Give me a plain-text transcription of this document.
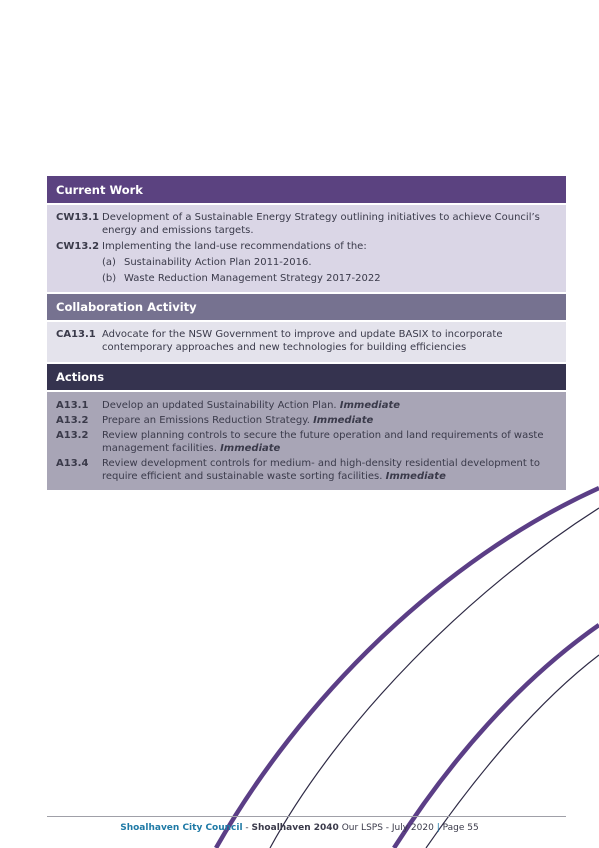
Current Work
CW13.1 Development of a Sustainable Energy Strategy outlining initiatives to achieve Council’s energy and emissions targets.
CW13.2 Implementing the land-use recommendations of the:
(a) Sustainability Action Plan 2011-2016.
(b) Waste Reduction Management Strategy 2017-2022
Collaboration Activity
CA13.1 Advocate for the NSW Government to improve and update BASIX to incorporate contemporary approaches and new technologies for building efficiencies
Actions
A13.1	Develop an updated Sustainability Action Plan. Immediate
A13.2	Prepare an Emissions Reduction Strategy. Immediate
A13.2	Review planning controls to secure the future operation and land requirements of waste management facilities. Immediate
A13.4	Review development controls for medium- and high-density residential development to require efficient and sustainable waste sorting facilities. Immediate
Shoalhaven City Council - Shoalhaven 2040 Our LSPS - July 2020 | Page 55
